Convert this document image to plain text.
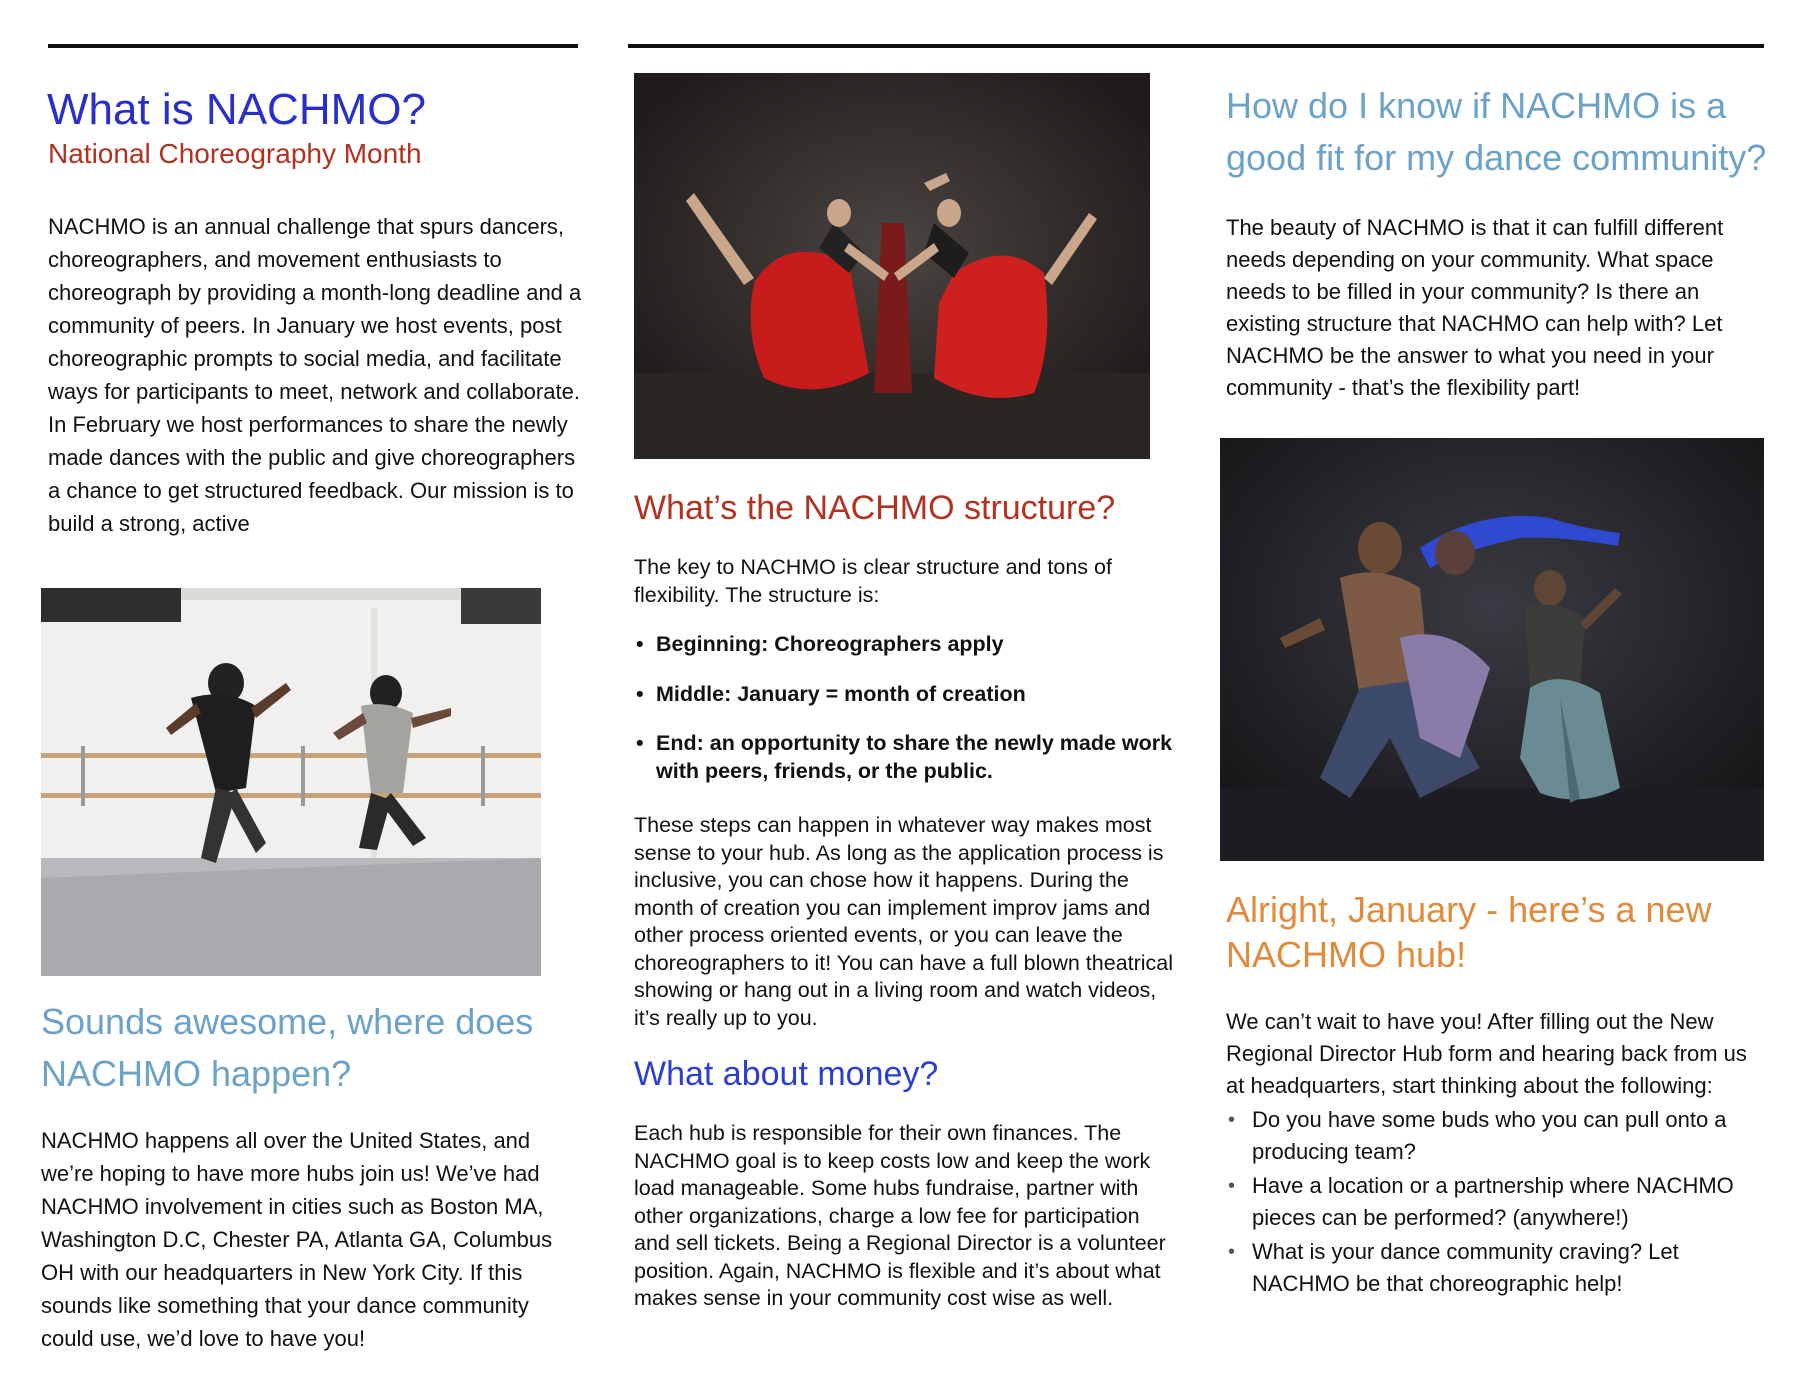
What is NACHMO?
National Choreography Month

NACHMO is an annual challenge that spurs dancers, choreographers, and movement enthusiasts to choreograph by providing a month-long deadline and a community of peers. In January we host events, post choreographic prompts to social media, and facilitate ways for participants to meet, network and collaborate. In February we host performances to share the newly made dances with the public and give choreographers a chance to get structured feedback. Our mission is to build a strong, active

Sounds awesome, where does NACHMO happen?

NACHMO happens all over the United States, and we’re hoping to have more hubs join us! We’ve had NACHMO involvement in cities such as Boston MA, Washington D.C, Chester PA, Atlanta GA, Columbus OH with our headquarters in New York City. If this sounds like something that your dance community could use, we’d love to have you!

What’s the NACHMO structure?

The key to NACHMO is clear structure and tons of flexibility. The structure is:

• Beginning: Choreographers apply
• Middle: January = month of creation
• End: an opportunity to share the newly made work with peers, friends, or the public.

These steps can happen in whatever way makes most sense to your hub. As long as the application process is inclusive, you can chose how it happens. During the month of creation you can implement improv jams and other process oriented events, or you can leave the choreographers to it! You can have a full blown theatrical showing or hang out in a living room and watch videos, it’s really up to you.

What about money?

Each hub is responsible for their own finances. The NACHMO goal is to keep costs low and keep the work load manageable. Some hubs fundraise, partner with other organizations, charge a low fee for participation and sell tickets. Being a Regional Director is a volunteer position. Again, NACHMO is flexible and it’s about what makes sense in your community cost wise as well.

How do I know if NACHMO is a good fit for my dance community?

The beauty of NACHMO is that it can fulfill different needs depending on your community. What space needs to be filled in your community? Is there an existing structure that NACHMO can help with? Let NACHMO be the answer to what you need in your community - that’s the flexibility part!

Alright, January - here’s a new NACHMO hub!

We can’t wait to have you! After filling out the New Regional Director Hub form and hearing back from us at headquarters, start thinking about the following:

• Do you have some buds who you can pull onto a producing team?
• Have a location or a partnership where NACHMO pieces can be performed? (anywhere!)
• What is your dance community craving? Let NACHMO be that choreographic help!
